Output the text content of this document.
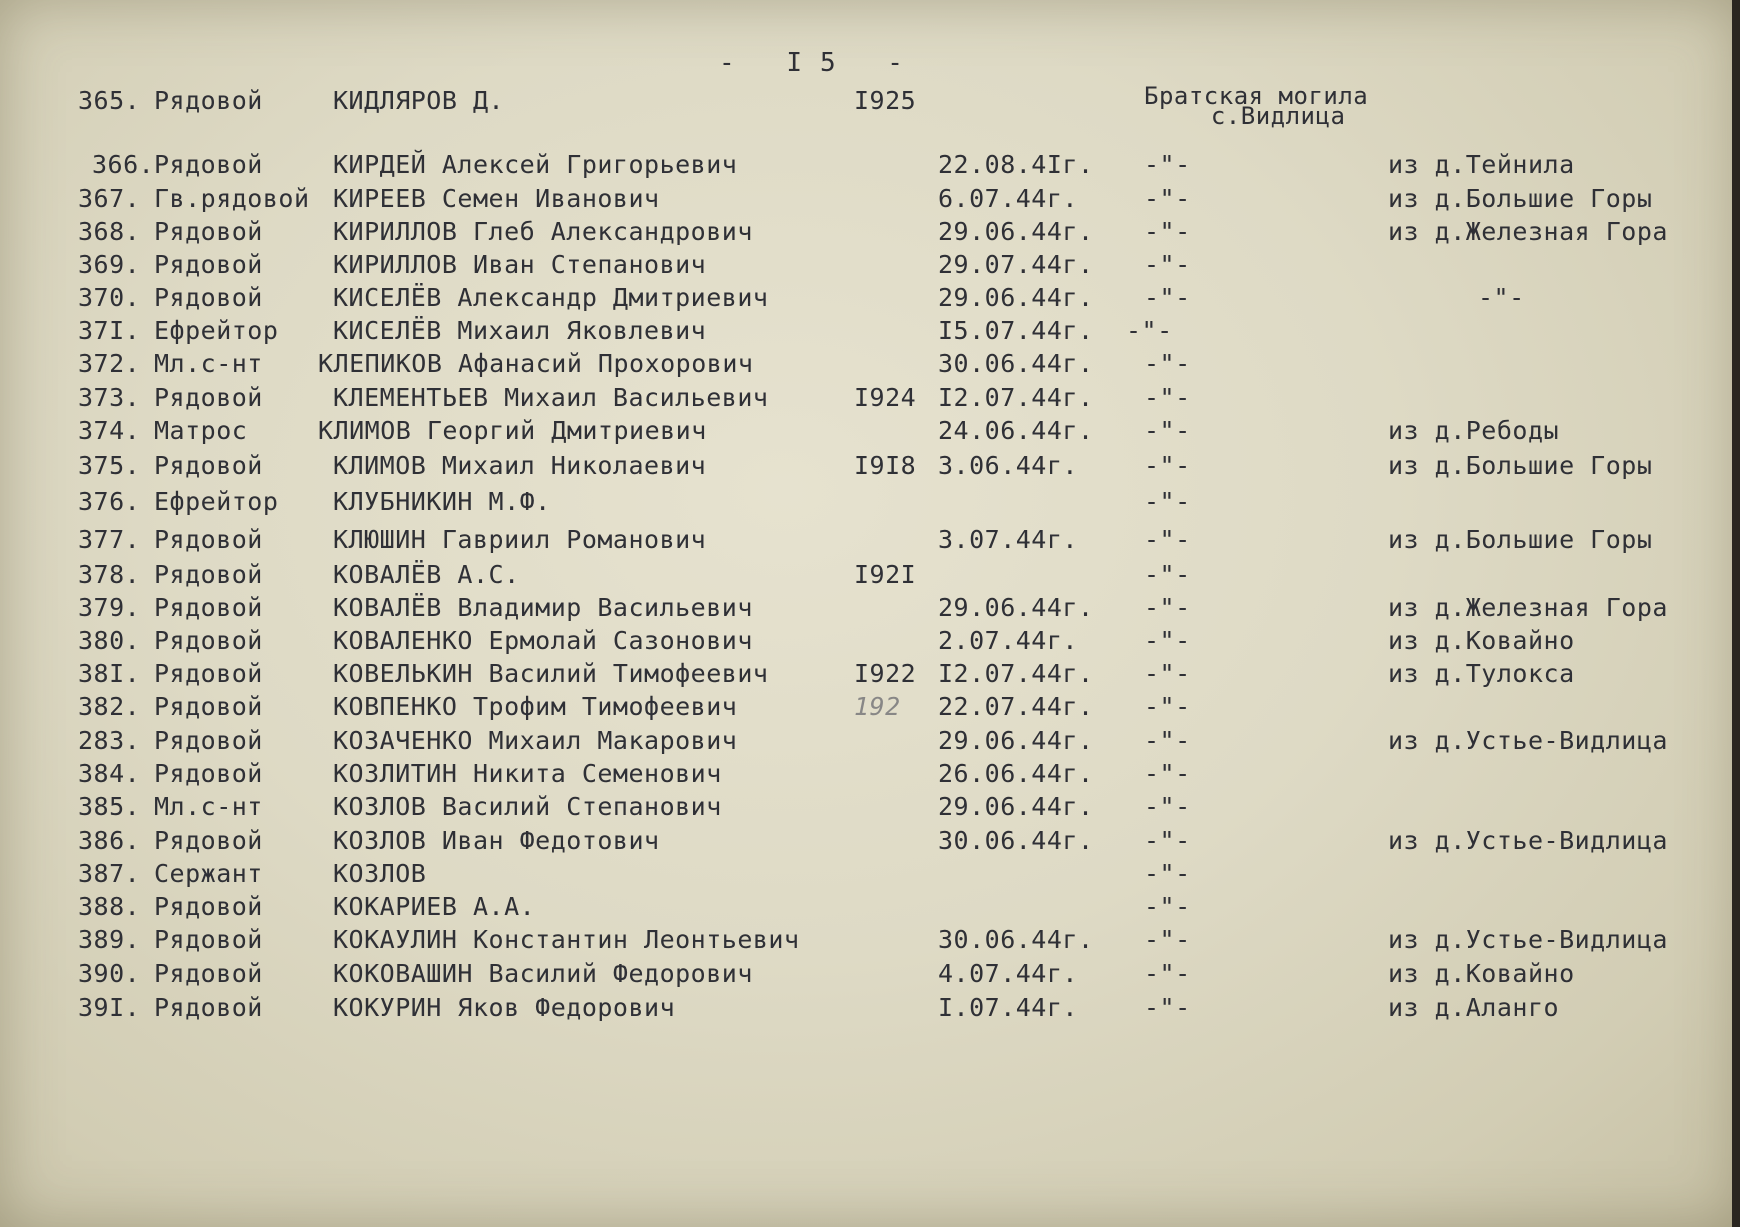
- I5 -
365. Рядовой	КИДЛЯРОВ Д.	I925	Братская могила
с.Видлица
366. Рядовой	КИРДЕЙ Алексей Григорьевич	22.08.4Iг. -"-	из д.Тейнила
367. Гв.рядовой КИРЕЕВ Семен Иванович	6.07.44г.	-"-	из д.Большие Горы
368. Рядовой	КИРИЛЛОВ Глеб Александрович	29.06.44г. -"-	из д.Железная Гора
369. Рядовой	КИРИЛЛОВ Иван Степанович	29.07.44г. -"-
370. Рядовой	КИСЕЛЁВ Александр Дмитриевич	29.06.44г. -"-	-"-
37I. Ефрейтор КИСЕЛЁВ Михаил Яковлевич	I5.07.44г. -"-
372. Мл.с-нт КЛЕПИКОВ Афанасий Прохорович	30.06.44г. -"-
373. Рядовой	КЛЕМЕНТЬЕВ Михаил Васильевич	I924 I2.07.44г. -"-
374. Матрос	КЛИМОВ Георгий Дмитриевич	24.06.44г. -"-	из д.Ребоды
375. Рядовой	КЛИМОВ Михаил Николаевич	I9I8 3.06.44г.	-"-	из д.Большие Горы
376. Ефрейтор КЛУБНИКИН М.Ф.	-"-
377. Рядовой	КЛЮШИН Гавриил Романович	3.07.44г.	-"-	из д.Большие Горы
378. Рядовой	КОВАЛЁВ А.С.	I92I	-"-
379. Рядовой	КОВАЛЁВ Владимир Васильевич	29.06.44г. -"-	из д.Железная Гора
380. Рядовой	КОВАЛЕНКО Ермолай Сазонович	2.07.44г.	-"-	из д.Ковайно
38I. Рядовой	КОВЕЛЬКИН Василий Тимофеевич	I922 I2.07.44г. -"-	из д.Тулокса
382. Рядовой	КОВПЕНКО Трофим Тимофеевич	192 22.07.44г. -"-
283. Рядовой	КОЗАЧЕНКО Михаил Макарович	29.06.44г. -"-	из д.Устье-Видлица
384. Рядовой	КОЗЛИТИН Никита Семенович	26.06.44г. -"-
385. Мл.с-нт	КОЗЛОВ Василий Степанович	29.06.44г. -"-
386. Рядовой	КОЗЛОВ Иван Федотович	30.06.44г. -"-	из д.Устье-Видлица
387. Сержант	КОЗЛОВ	-"-
388. Рядовой	КОКАРИЕВ А.А.	-"-
389. Рядовой	КОКАУЛИН Константин Леонтьевич	30.06.44г. -"-	из д.Устье-Видлица
390. Рядовой	КОКОВАШИН Василий Федорович	4.07.44г.	-"-	из д.Ковайно
39I. Рядовой	КОКУРИН Яков Федорович	I.07.44г.	-"-	из д.Аланго
